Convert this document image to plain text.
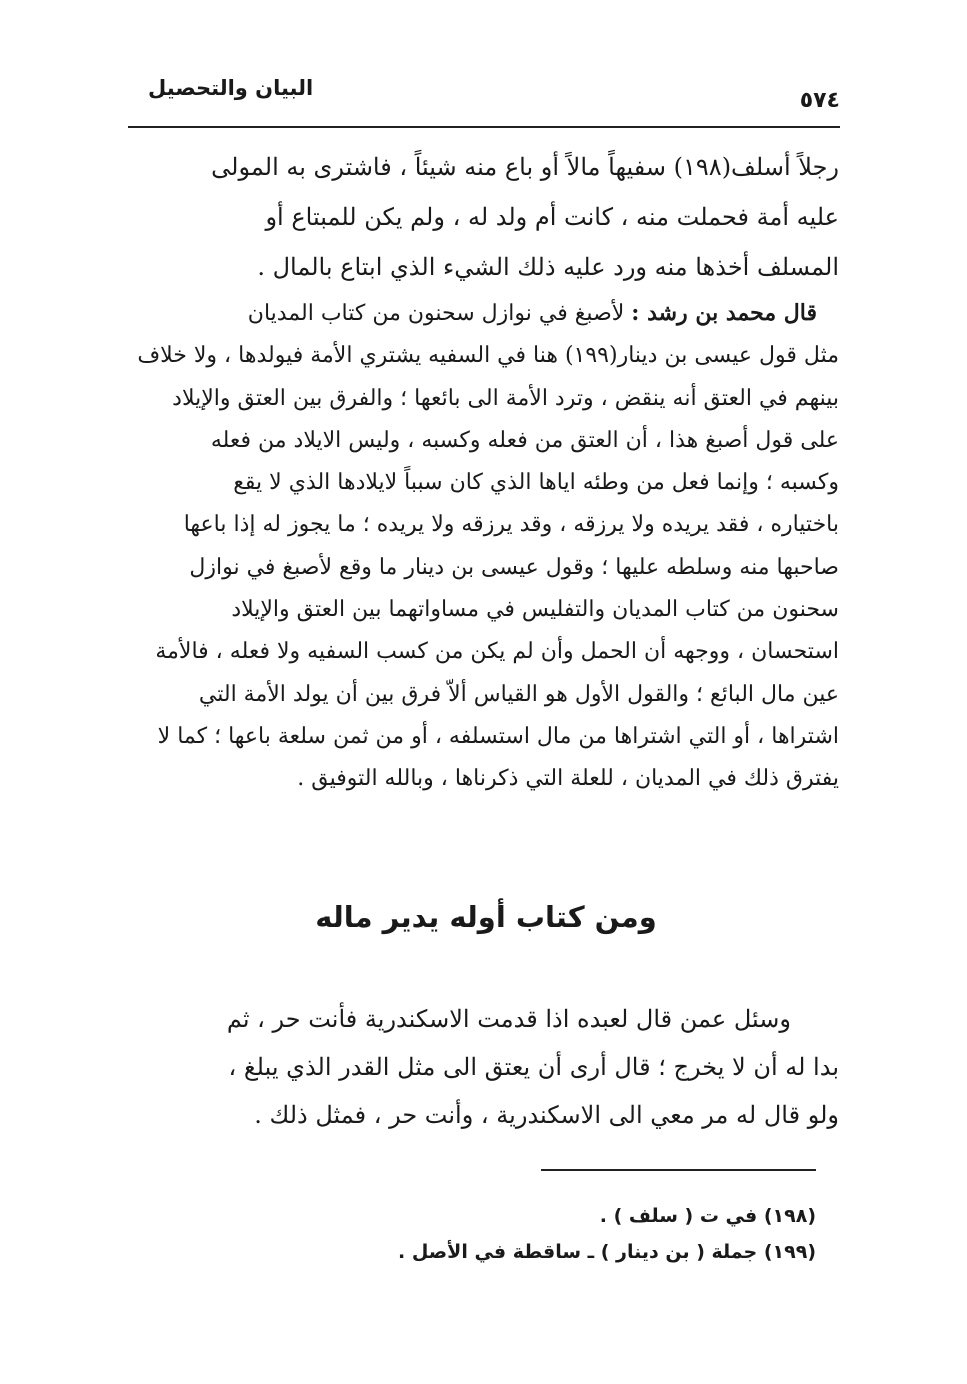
البيان والتحصيل	٥٧٤
رجلاً أسلف(١٩٨) سفيهاً مالاً أو باع منه شيئاً ، فاشترى به المولى
عليه أمة فحملت منه ، كانت أم ولد له ، ولم يكن للمبتاع أو
المسلف أخذها منه ورد عليه ذلك الشيء الذي ابتاع بالمال .
 قال محمد بن رشد : لأصبغ في نوازل سحنون من كتاب المديان
مثل قول عيسى بن دينار(١٩٩) هنا في السفيه يشتري الأمة فيولدها ، ولا خلاف
بينهم في العتق أنه ينقض ، وترد الأمة الى بائعها ؛ والفرق بين العتق والإيلاد
على قول أصبغ هذا ، أن العتق من فعله وكسبه ، وليس الايلاد من فعله
وكسبه ؛ وإنما فعل من وطئه اياها الذي كان سبباً لايلادها الذي لا يقع
باختياره ، فقد يريده ولا يرزقه ، وقد يرزقه ولا يريده ؛ ما يجوز له إذا باعها
صاحبها منه وسلطه عليها ؛ وقول عيسى بن دينار ما وقع لأصبغ في نوازل
سحنون من كتاب المديان والتفليس في مساواتهما بين العتق والإيلاد
استحسان ، ووجهه أن الحمل وأن لم يكن من كسب السفيه ولا فعله ، فالأمة
عين مال البائع ؛ والقول الأول هو القياس ألاّ فرق بين أن يولد الأمة التي
اشتراها ، أو التي اشتراها من مال استسلفه ، أو من ثمن سلعة باعها ؛ كما لا
يفترق ذلك في المديان ، للعلة التي ذكرناها ، وبالله التوفيق .
ومن كتاب أوله يدير ماله
  وسئل عمن قال لعبده اذا قدمت الاسكندرية فأنت حر ، ثم
بدا له أن لا يخرج ؛ قال أرى أن يعتق الى مثل القدر الذي يبلغ ،
ولو قال له مر معي الى الاسكندرية ، وأنت حر ، فمثل ذلك .
(١٩٨) في ت ( سلف ) .
(١٩٩) جملة ( بن دينار ) ـ ساقطة في الأصل .
